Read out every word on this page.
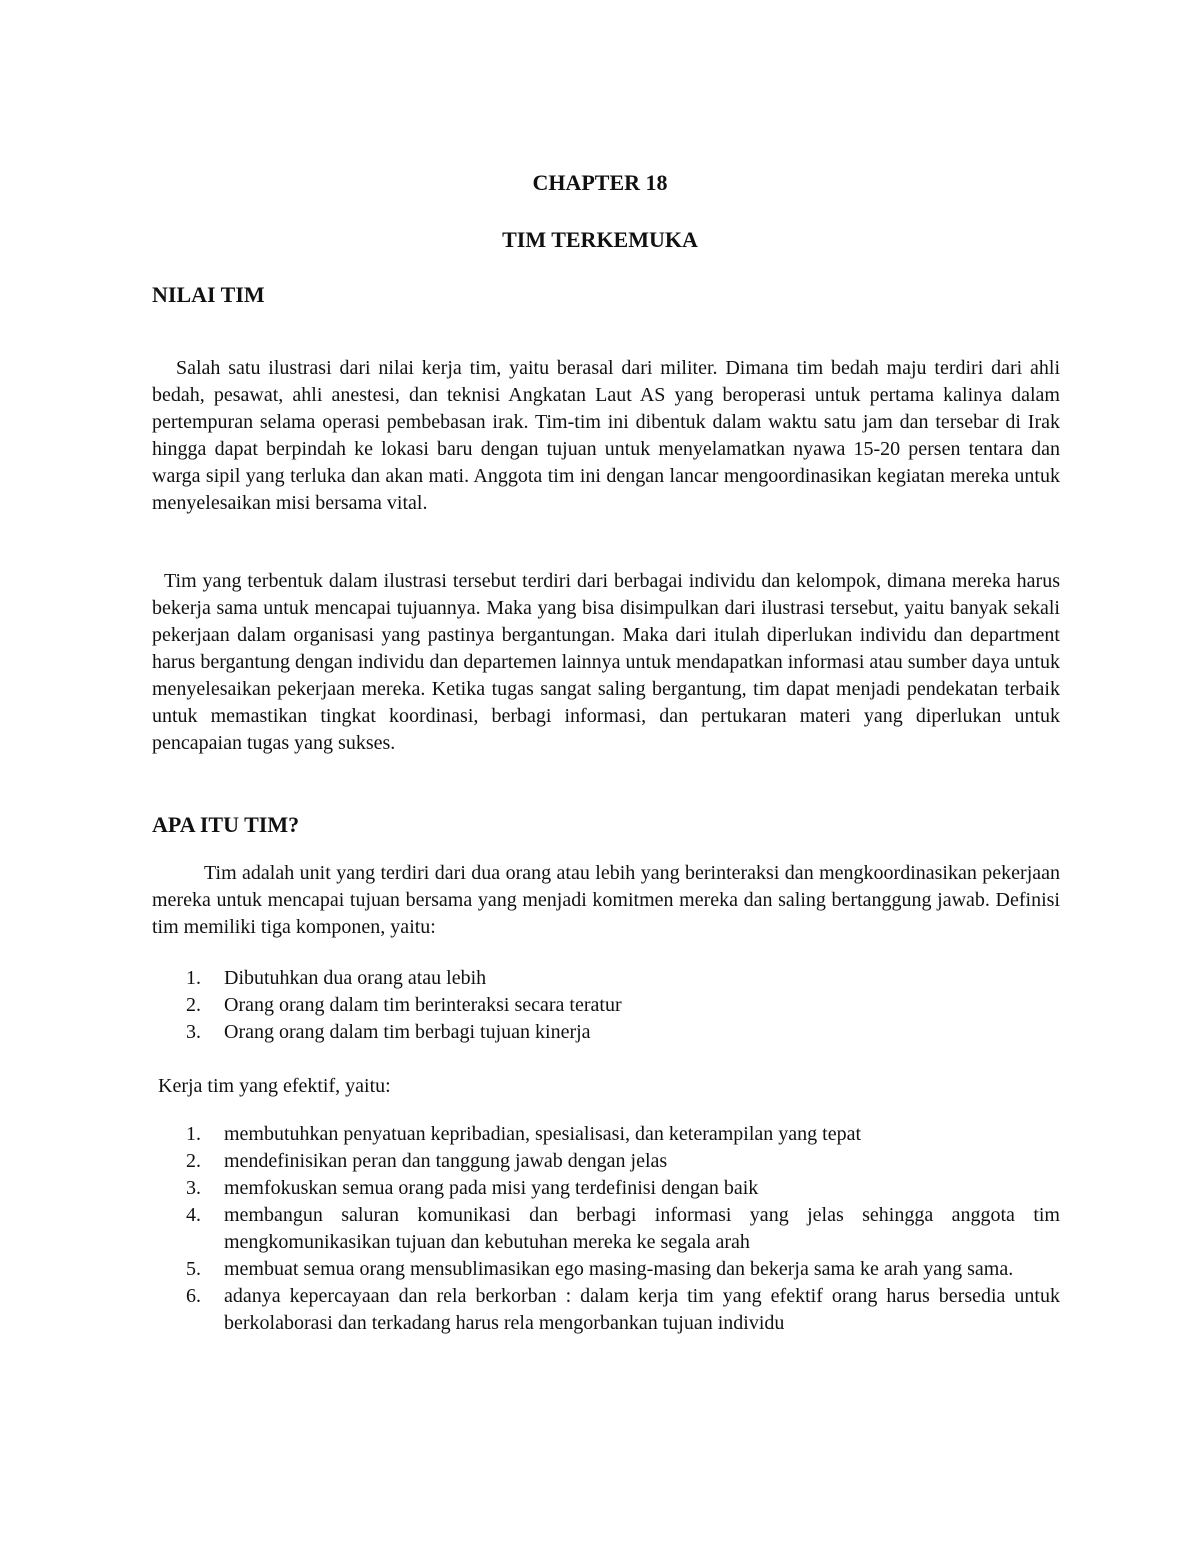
CHAPTER 18
TIM TERKEMUKA
NILAI TIM

Salah satu ilustrasi dari nilai kerja tim, yaitu berasal dari militer. Dimana tim bedah maju terdiri dari ahli bedah, pesawat, ahli anestesi, dan teknisi Angkatan Laut AS yang beroperasi untuk pertama kalinya dalam pertempuran selama operasi pembebasan irak. Tim-tim ini dibentuk dalam waktu satu jam dan tersebar di Irak hingga dapat berpindah ke lokasi baru dengan tujuan untuk menyelamatkan nyawa 15-20 persen tentara dan warga sipil yang terluka dan akan mati. Anggota tim ini dengan lancar mengoordinasikan kegiatan mereka untuk menyelesaikan misi bersama vital.

Tim yang terbentuk dalam ilustrasi tersebut terdiri dari berbagai individu dan kelompok, dimana mereka harus bekerja sama untuk mencapai tujuannya. Maka yang bisa disimpulkan dari ilustrasi tersebut, yaitu banyak sekali pekerjaan dalam organisasi yang pastinya bergantungan. Maka dari itulah diperlukan individu dan department harus bergantung dengan individu dan departemen lainnya untuk mendapatkan informasi atau sumber daya untuk menyelesaikan pekerjaan mereka. Ketika tugas sangat saling bergantung, tim dapat menjadi pendekatan terbaik untuk memastikan tingkat koordinasi, berbagi informasi, dan pertukaran materi yang diperlukan untuk pencapaian tugas yang sukses.

APA ITU TIM?

Tim adalah unit yang terdiri dari dua orang atau lebih yang berinteraksi dan mengkoordinasikan pekerjaan mereka untuk mencapai tujuan bersama yang menjadi komitmen mereka dan saling bertanggung jawab. Definisi tim memiliki tiga komponen, yaitu:

1. Dibutuhkan dua orang atau lebih
2. Orang orang dalam tim berinteraksi secara teratur
3. Orang orang dalam tim berbagi tujuan kinerja

Kerja tim yang efektif, yaitu:

1. membutuhkan penyatuan kepribadian, spesialisasi, dan keterampilan yang tepat
2. mendefinisikan peran dan tanggung jawab dengan jelas
3. memfokuskan semua orang pada misi yang terdefinisi dengan baik
4. membangun saluran komunikasi dan berbagi informasi yang jelas sehingga anggota tim mengkomunikasikan tujuan dan kebutuhan mereka ke segala arah
5. membuat semua orang mensublimasikan ego masing-masing dan bekerja sama ke arah yang sama.
6. adanya kepercayaan dan rela berkorban : dalam kerja tim yang efektif orang harus bersedia untuk berkolaborasi dan terkadang harus rela mengorbankan tujuan individu
